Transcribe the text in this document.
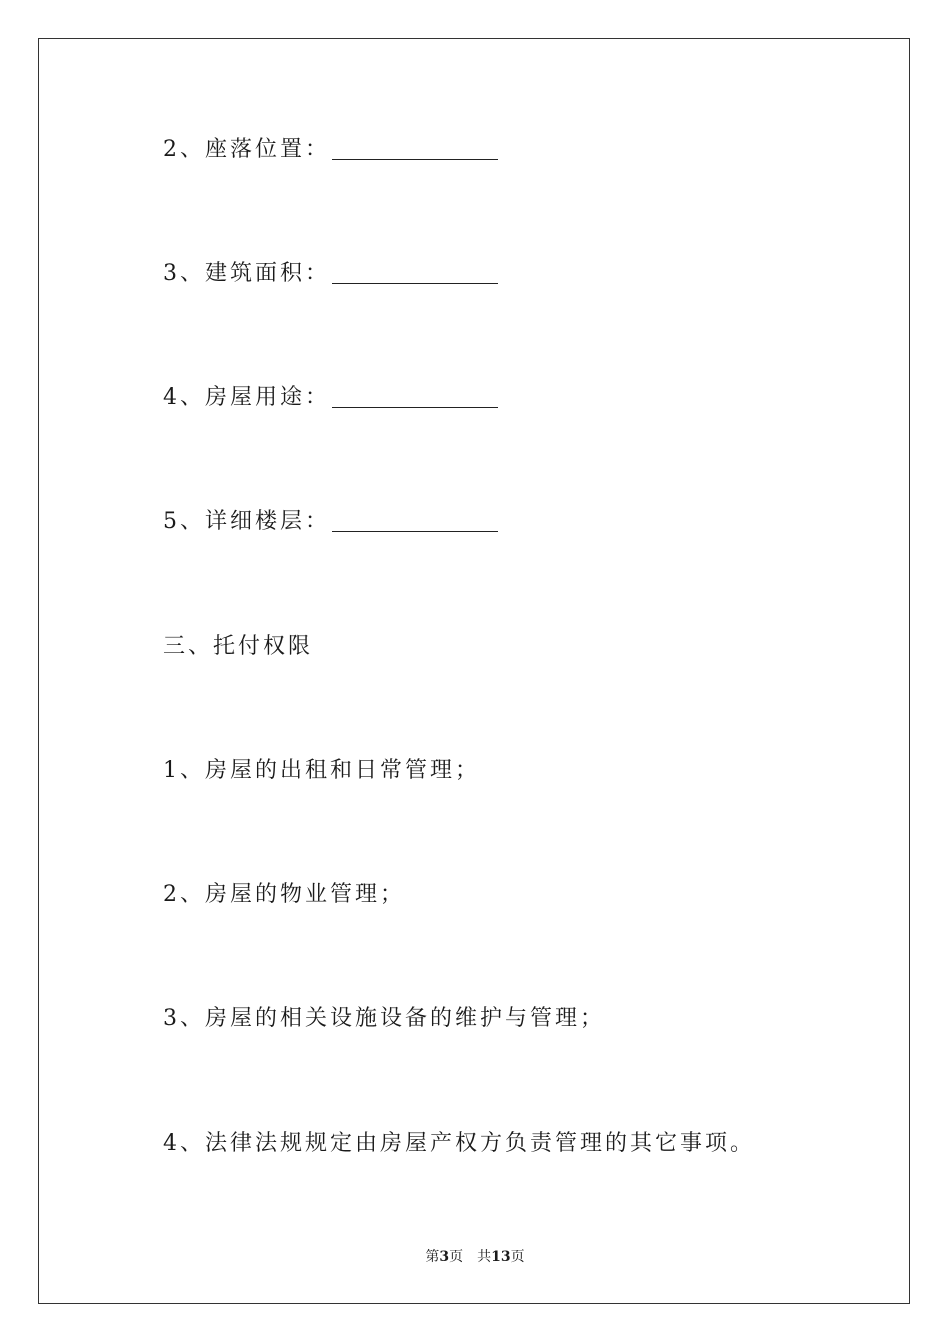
2、座落位置：
3、建筑面积：
4、房屋用途：
5、详细楼层：
三、托付权限
1、房屋的出租和日常管理；
2、房屋的物业管理；
3、房屋的相关设施设备的维护与管理；
4、法律法规规定由房屋产权方负责管理的其它事项。
第3页 共13页
